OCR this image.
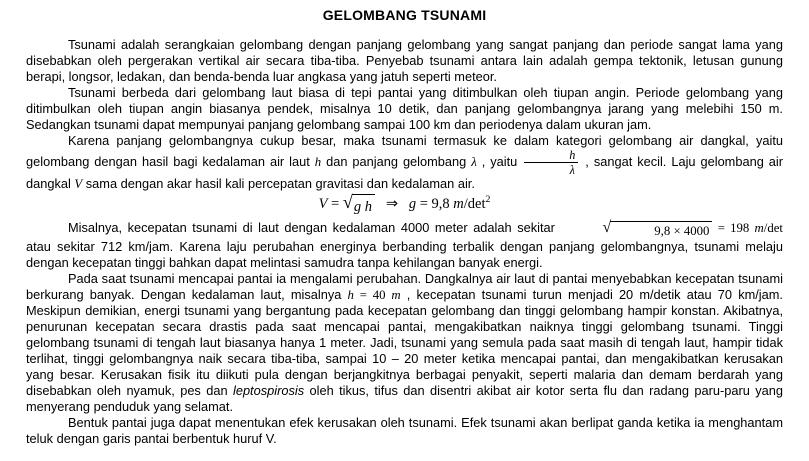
GELOMBANG TSUNAMI

Tsunami adalah serangkaian gelombang dengan panjang gelombang yang sangat panjang dan periode sangat lama yang disebabkan oleh pergerakan vertikal air secara tiba-tiba. Penyebab tsunami antara lain adalah gempa tektonik, letusan gunung berapi, longsor, ledakan, dan benda-benda luar angkasa yang jatuh seperti meteor.

Tsunami berbeda dari gelombang laut biasa di tepi pantai yang ditimbulkan oleh tiupan angin. Periode gelombang yang ditimbulkan oleh tiupan angin biasanya pendek, misalnya 10 detik, dan panjang gelombangnya jarang yang melebihi 150 m. Sedangkan tsunami dapat mempunyai panjang gelombang sampai 100 km dan periodenya dalam ukuran jam.

Karena panjang gelombangnya cukup besar, maka tsunami termasuk ke dalam kategori gelombang air dangkal, yaitu gelombang dengan hasil bagi kedalaman air laut h dan panjang gelombang λ , yaitu $\frac{h}{\lambda}$ , sangat kecil. Laju gelombang air dangkal V sama dengan akar hasil kali percepatan gravitasi dan kedalaman air.

V = √ g h ⇒   g = 9,8 $m/\det^2$

Misalnya, kecepatan tsunami di laut dengan kedalaman 4000 meter adalah sekitar	√	9,8 × 4000 = 198 m/det atau sekitar 712 km/jam. Karena laju perubahan energinya berbanding terbalik dengan panjang gelombangnya, tsunami melaju dengan kecepatan tinggi bahkan dapat melintasi samudra tanpa kehilangan banyak energi.

Pada saat tsunami mencapai pantai ia mengalami perubahan. Dangkalnya air laut di pantai menyebabkan kecepatan tsunami berkurang banyak. Dengan kedalaman laut, misalnya h = 40 m , kecepatan tsunami turun menjadi 20 m/detik atau 70 km/jam. Meskipun demikian, energi tsunami yang bergantung pada kecepatan gelombang dan tinggi gelombang hampir konstan. Akibatnya, penurunan kecepatan secara drastis pada saat mencapai pantai, mengakibatkan naiknya tinggi gelombang tsunami. Tinggi gelombang tsunami di tengah laut biasanya hanya 1 meter. Jadi, tsunami yang semula pada saat masih di tengah laut, hampir tidak terlihat, tinggi gelombangnya naik secara tiba-tiba, sampai 10 – 20 meter ketika mencapai pantai, dan mengakibatkan kerusakan yang besar. Kerusakan fisik itu diikuti pula dengan berjangkitnya berbagai penyakit, seperti malaria dan demam berdarah yang disebabkan oleh nyamuk, pes dan leptospirosis oleh tikus, tifus dan disentri akibat air kotor serta flu dan radang paru-paru yang menyerang penduduk yang selamat.

Bentuk pantai juga dapat menentukan efek kerusakan oleh tsunami. Efek tsunami akan berlipat ganda ketika ia menghantam teluk dengan garis pantai berbentuk huruf V.
